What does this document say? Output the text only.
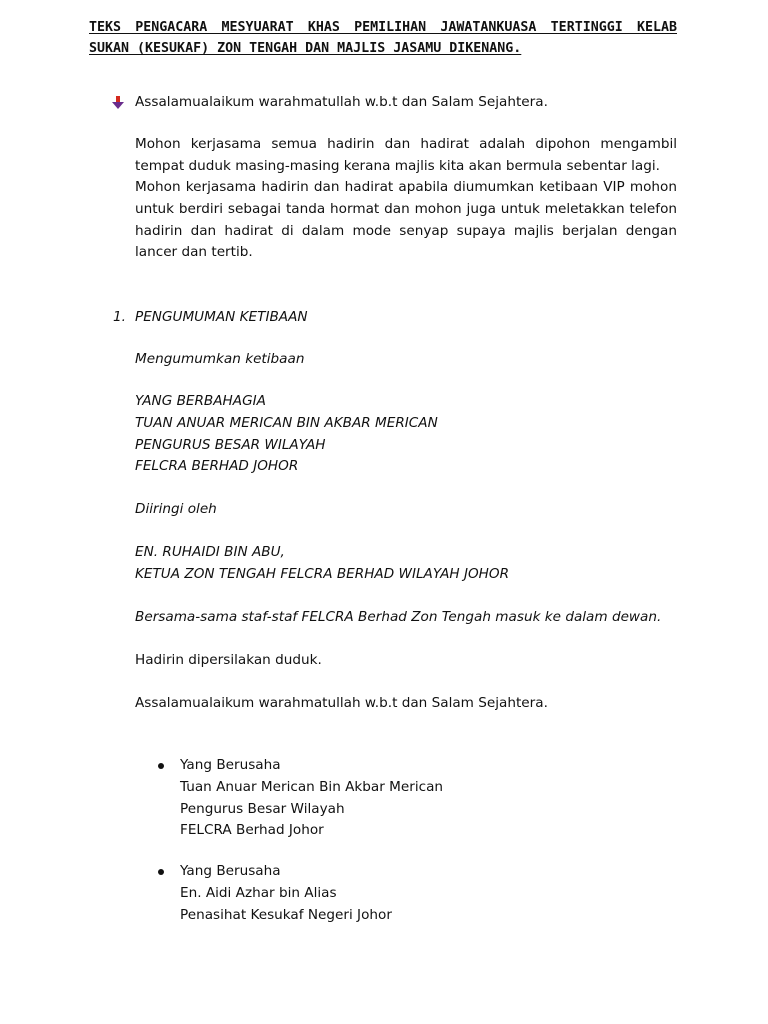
TEKS PENGACARA MESYUARAT KHAS PEMILIHAN JAWATANKUASA TERTINGGI KELAB SUKAN (KESUKAF) ZON TENGAH DAN MAJLIS JASAMU DIKENANG.

Assalamualaikum warahmatullah w.b.t dan Salam Sejahtera.

Mohon kerjasama semua hadirin dan hadirat adalah dipohon mengambil tempat duduk masing-masing kerana majlis kita akan bermula sebentar lagi.

Mohon kerjasama hadirin dan hadirat apabila diumumkan ketibaan VIP mohon untuk berdiri sebagai tanda hormat dan mohon juga untuk meletakkan telefon hadirin dan hadirat di dalam mode senyap supaya majlis berjalan dengan lancer dan tertib.

1. PENGUMUMAN KETIBAAN

Mengumumkan ketibaan

YANG BERBAHAGIA
TUAN ANUAR MERICAN BIN AKBAR MERICAN
PENGURUS BESAR WILAYAH
FELCRA BERHAD JOHOR

Diiringi oleh

EN. RUHAIDI BIN ABU,
KETUA ZON TENGAH FELCRA BERHAD WILAYAH JOHOR

Bersama-sama staf-staf FELCRA Berhad Zon Tengah masuk ke dalam dewan.

Hadirin dipersilakan duduk.

Assalamualaikum warahmatullah w.b.t dan Salam Sejahtera.

Yang Berusaha
Tuan Anuar Merican Bin Akbar Merican
Pengurus Besar Wilayah
FELCRA Berhad Johor
Yang Berusaha
En. Aidi Azhar bin Alias
Penasihat Kesukaf Negeri Johor
